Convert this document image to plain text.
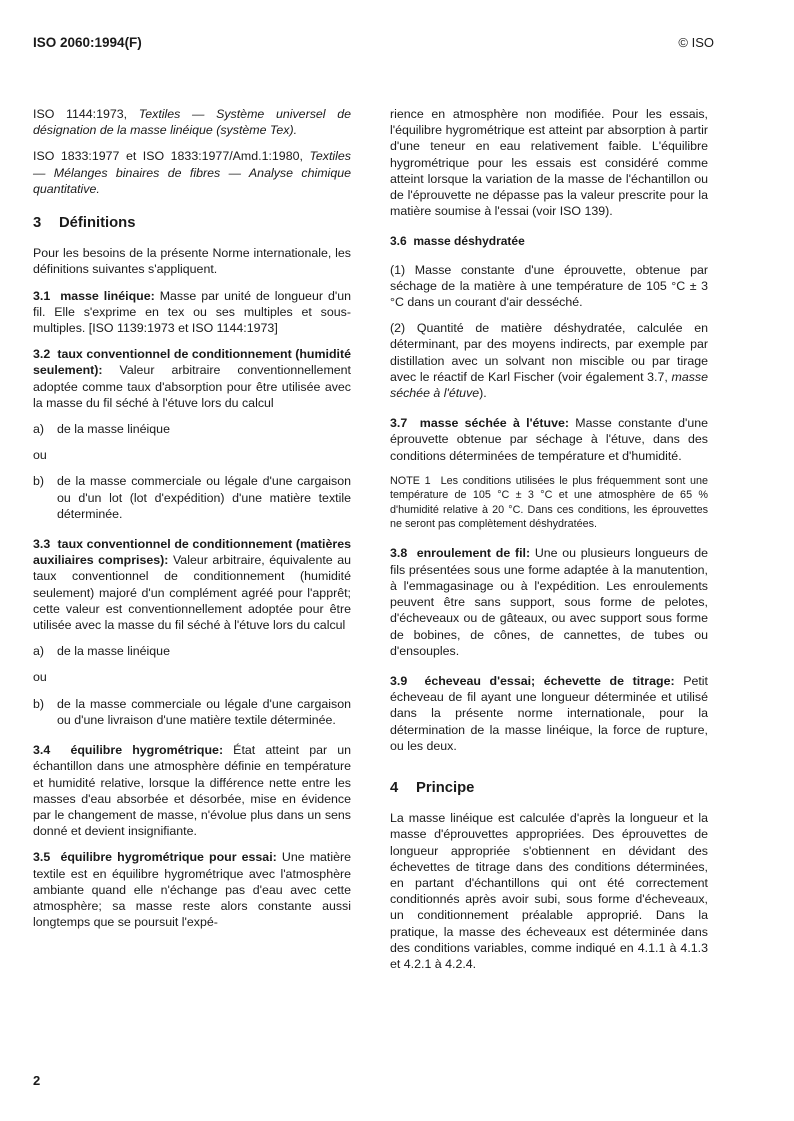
ISO 2060:1994(F)	© ISO

ISO 1144:1973, Textiles — Système universel de désignation de la masse linéique (système Tex).

ISO 1833:1977 et ISO 1833:1977/Amd.1:1980, Textiles — Mélanges binaires de fibres — Analyse chimique quantitative.

3 Définitions

Pour les besoins de la présente Norme internationale, les définitions suivantes s'appliquent.

3.1 masse linéique: Masse par unité de longueur d'un fil. Elle s'exprime en tex ou ses multiples et sous-multiples. [ISO 1139:1973 et ISO 1144:1973]

3.2 taux conventionnel de conditionnement (humidité seulement): Valeur arbitraire conventionnellement adoptée comme taux d'absorption pour être utilisée avec la masse du fil séché à l'étuve lors du calcul

a)	de la masse linéique
ou
b)	de la masse commerciale ou légale d'une cargaison ou d'un lot (lot d'expédition) d'une matière textile déterminée.

3.3 taux conventionnel de conditionnement (matières auxiliaires comprises): Valeur arbitraire, équivalente au taux conventionnel de conditionnement (humidité seulement) majoré d'un complément agréé pour l'apprêt; cette valeur est conventionnellement adoptée pour être utilisée avec la masse du fil séché à l'étuve lors du calcul

a)	de la masse linéique
ou
b)	de la masse commerciale ou légale d'une cargaison ou d'une livraison d'une matière textile déterminée.

3.4 équilibre hygrométrique: État atteint par un échantillon dans une atmosphère définie en température et humidité relative, lorsque la différence nette entre les masses d'eau absorbée et désorbée, mise en évidence par le changement de masse, n'évolue plus dans un sens donné et devient insignifiante.

3.5 équilibre hygrométrique pour essai: Une matière textile est en équilibre hygrométrique avec l'atmosphère ambiante quand elle n'échange pas d'eau avec cette atmosphère; sa masse reste alors constante aussi longtemps que se poursuit l'expé-

rience en atmosphère non modifiée. Pour les essais, l'équilibre hygrométrique est atteint par absorption à partir d'une teneur en eau relativement faible. L'équilibre hygrométrique pour les essais est considéré comme atteint lorsque la variation de la masse de l'échantillon ou de l'éprouvette ne dépasse pas la valeur prescrite pour la matière soumise à l'essai (voir ISO 139).

3.6 masse déshydratée

(1) Masse constante d'une éprouvette, obtenue par séchage de la matière à une température de 105 °C ± 3 °C dans un courant d'air desséché.

(2) Quantité de matière déshydratée, calculée en déterminant, par des moyens indirects, par exemple par distillation avec un solvant non miscible ou par tirage avec le réactif de Karl Fischer (voir également 3.7, masse séchée à l'étuve).

3.7 masse séchée à l'étuve: Masse constante d'une éprouvette obtenue par séchage à l'étuve, dans des conditions déterminées de température et d'humidité.

NOTE 1 Les conditions utilisées le plus fréquemment sont une température de 105 °C ± 3 °C et une atmosphère de 65 % d'humidité relative à 20 °C. Dans ces conditions, les éprouvettes ne seront pas complètement déshydratées.

3.8 enroulement de fil: Une ou plusieurs longueurs de fils présentées sous une forme adaptée à la manutention, à l'emmagasinage ou à l'expédition. Les enroulements peuvent être sans support, sous forme de pelotes, d'écheveaux ou de gâteaux, ou avec support sous forme de bobines, de cônes, de cannettes, de tubes ou d'ensouples.

3.9 écheveau d'essai; échevette de titrage: Petit écheveau de fil ayant une longueur déterminée et utilisé dans la présente norme internationale, pour la détermination de la masse linéique, la force de rupture, ou les deux.

4 Principe

La masse linéique est calculée d'après la longueur et la masse d'éprouvettes appropriées. Des éprouvettes de longueur appropriée s'obtiennent en dévidant des échevettes de titrage dans des conditions déterminées, en partant d'échantillons qui ont été correctement conditionnés après avoir subi, sous forme d'écheveaux, un conditionnement préalable approprié. Dans la pratique, la masse des écheveaux est déterminée dans des conditions variables, comme indiqué en 4.1.1 à 4.1.3 et 4.2.1 à 4.2.4.

2
